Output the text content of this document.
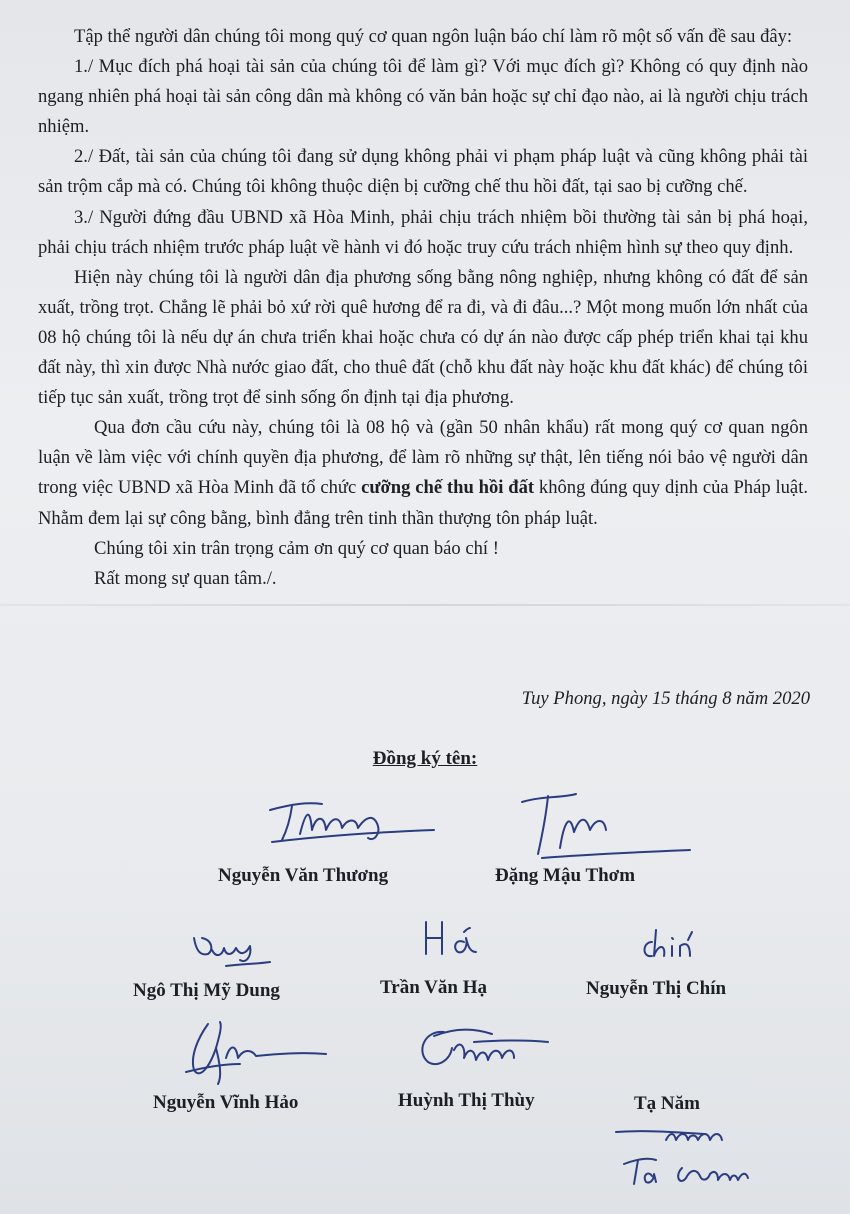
Tập thể người dân chúng tôi mong quý cơ quan ngôn luận báo chí làm rõ một số vấn đề sau đây:

1./ Mục đích phá hoại tài sản của chúng tôi để làm gì? Với mục đích gì? Không có quy định nào ngang nhiên phá hoại tài sản công dân mà không có văn bản hoặc sự chỉ đạo nào, ai là người chịu trách nhiệm.

2./ Đất, tài sản của chúng tôi đang sử dụng không phải vi phạm pháp luật và cũng không phải tài sản trộm cắp mà có. Chúng tôi không thuộc diện bị cưỡng chế thu hồi đất, tại sao bị cưỡng chế.

3./ Người đứng đầu UBND xã Hòa Minh, phải chịu trách nhiệm bồi thường tài sản bị phá hoại, phải chịu trách nhiệm trước pháp luật về hành vi đó hoặc truy cứu trách nhiệm hình sự theo quy định.

Hiện này chúng tôi là người dân địa phương sống bằng nông nghiệp, nhưng không có đất để sản xuất, trồng trọt. Chẳng lẽ phải bỏ xứ rời quê hương để ra đi, và đi đâu...? Một mong muốn lớn nhất của 08 hộ chúng tôi là nếu dự án chưa triển khai hoặc chưa có dự án nào được cấp phép triển khai tại khu đất này, thì xin được Nhà nước giao đất, cho thuê đất (chỗ khu đất này hoặc khu đất khác) để chúng tôi tiếp tục sản xuất, trồng trọt để sinh sống ổn định tại địa phương.

Qua đơn cầu cứu này, chúng tôi là 08 hộ và (gần 50 nhân khẩu) rất mong quý cơ quan ngôn luận về làm việc với chính quyền địa phương, để làm rõ những sự thật, lên tiếng nói bảo vệ người dân trong việc UBND xã Hòa Minh đã tổ chức cưỡng chế thu hồi đất không đúng quy dịnh của Pháp luật. Nhằm đem lại sự công bằng, bình đẳng trên tinh thần thượng tôn pháp luật.

Chúng tôi xin trân trọng cảm ơn quý cơ quan báo chí !

Rất mong sự quan tâm./.

Tuy Phong, ngày 15 tháng 8 năm 2020
Đồng ký tên:
Nguyễn Văn Thương	Đặng Mậu Thơm
Ngô Thị Mỹ Dung	Trần Văn Hạ	Nguyễn Thị Chín
Nguyễn Vĩnh Hảo	Huỳnh Thị Thùy	Tạ Năm
